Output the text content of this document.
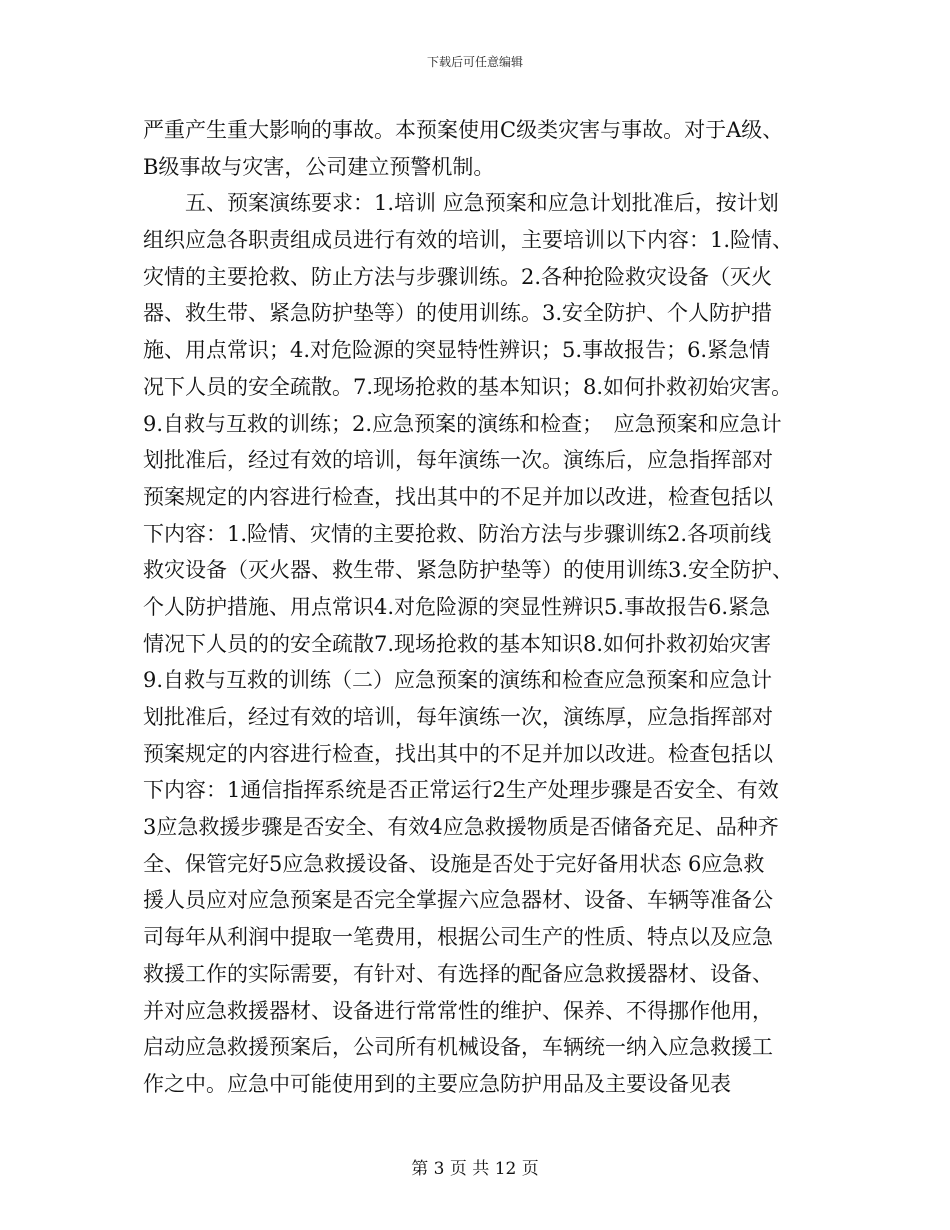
下载后可任意编辑
严重产生重大影响的事故。本预案使用C级类灾害与事故。对于A级、
B级事故与灾害，公司建立预警机制。
五、预案演练要求：1.培训 应急预案和应急计划批准后，按计划
组织应急各职责组成员进行有效的培训，主要培训以下内容：1.险情、
灾情的主要抢救、防止方法与步骤训练。2.各种抢险救灾设备（灭火
器、救生带、紧急防护垫等）的使用训练。3.安全防护、个人防护措
施、用点常识；4.对危险源的突显特性辨识；5.事故报告；6.紧急情
况下人员的安全疏散。7.现场抢救的基本知识；8.如何扑救初始灾害。
9.自救与互救的训练；2.应急预案的演练和检查；　应急预案和应急计
划批准后，经过有效的培训，每年演练一次。演练后，应急指挥部对
预案规定的内容进行检查，找出其中的不足并加以改进，检查包括以
下内容：1.险情、灾情的主要抢救、防治方法与步骤训练2.各项前线
救灾设备（灭火器、救生带、紧急防护垫等）的使用训练3.安全防护、
个人防护措施、用点常识4.对危险源的突显性辨识5.事故报告6.紧急
情况下人员的的安全疏散7.现场抢救的基本知识8.如何扑救初始灾害
9.自救与互救的训练（二）应急预案的演练和检查应急预案和应急计
划批准后，经过有效的培训，每年演练一次，演练厚，应急指挥部对
预案规定的内容进行检查，找出其中的不足并加以改进。检查包括以
下内容：1通信指挥系统是否正常运行2生产处理步骤是否安全、有效
3应急救援步骤是否安全、有效4应急救援物质是否储备充足、品种齐
全、保管完好5应急救援设备、设施是否处于完好备用状态 6应急救
援人员应对应急预案是否完全掌握六应急器材、设备、车辆等准备公
司每年从利润中提取一笔费用，根据公司生产的性质、特点以及应急
救援工作的实际需要，有针对、有选择的配备应急救援器材、设备、
并对应急救援器材、设备进行常常性的维护、保养、不得挪作他用，
启动应急救援预案后，公司所有机械设备，车辆统一纳入应急救援工
作之中。应急中可能使用到的主要应急防护用品及主要设备见表
第 3 页 共 12 页
